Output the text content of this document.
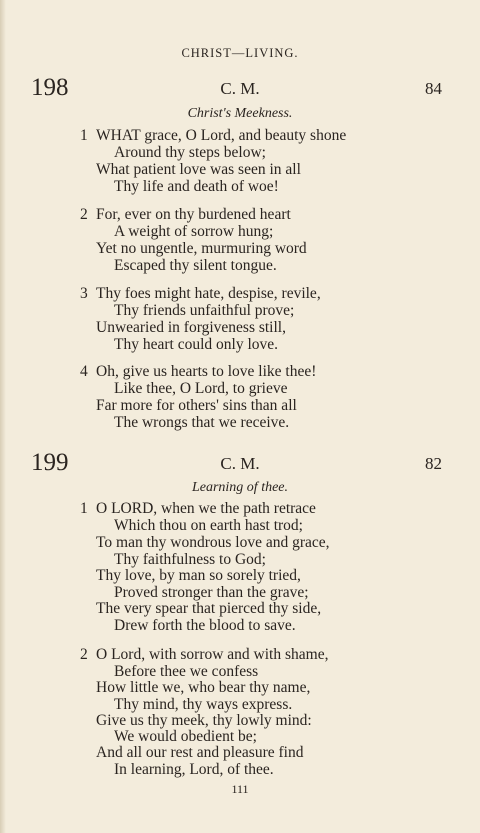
CHRIST—LIVING.
198	C. M.	84
Christ's Meekness.
1 WHAT grace, O Lord, and beauty shone
Around thy steps below;
What patient love was seen in all
Thy life and death of woe!
2 For, ever on thy burdened heart
A weight of sorrow hung;
Yet no ungentle, murmuring word
Escaped thy silent tongue.
3 Thy foes might hate, despise, revile,
Thy friends unfaithful prove;
Unwearied in forgiveness still,
Thy heart could only love.
4 Oh, give us hearts to love like thee!
Like thee, O Lord, to grieve
Far more for others' sins than all
The wrongs that we receive.
199	C. M.	82
Learning of thee.
1 O LORD, when we the path retrace
Which thou on earth hast trod;
To man thy wondrous love and grace,
Thy faithfulness to God;
Thy love, by man so sorely tried,
Proved stronger than the grave;
The very spear that pierced thy side,
Drew forth the blood to save.
2 O Lord, with sorrow and with shame,
Before thee we confess
How little we, who bear thy name,
Thy mind, thy ways express.
Give us thy meek, thy lowly mind:
We would obedient be;
And all our rest and pleasure find
In learning, Lord, of thee.
111
